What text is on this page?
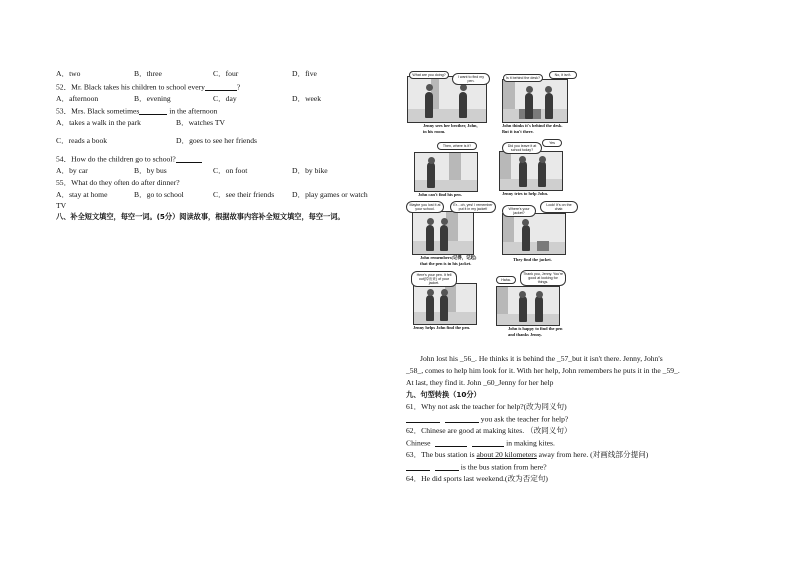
A．two	B．three	C．four	D．five
52．Mr. Black takes his children to school every	?
A．afternoon	B．evening	C．day	D．week
53．Mrs. Black sometimes	in the afternoon
A．takes a walk in the park	B．watches TV
C．reads a book	D．goes to see her friends
54．How do the children go to school?
A．by car	B．by bus	C．on foot	D．by bike
55．What do they often do after dinner?
A．stay at home	B．go to school	C．see their friends D．play games or watch
TV
八、补全短文填空，每空一词。(5分）阅读故事，根据故事内容补全短文填空，每空一词。
What are you doing?	I want to find my pen.
Jenny sees her brother, John,
in his room.
Is it behind the desk?
No, it isn't.
John thinks it's behind the desk.
But it isn't there.
Then, where is it?
John can't find his pen.
Did you leave it at school today?
Yes
Jenny tries to help John.
Maybe you lost it at your school.
Er…oh, yes! I remember put it in my jacket!
John remembers(记得，记起)
that the pen is in his jacket.
Where's your jacket?
Look! It's on the chair.
They find the jacket.
Here's your pen. It fell out(掉出来) of your jacket.
Jenny helps John find the pen.
Haha.
Thank you, Jenny. You're good at looking for things.
John is happy to find the pen
and thanks Jenny.
John lost his _56_. He thinks it is behind the _57_but it isn't there. Jenny, John's
_58_, comes to help him look for it. With her help, John remembers he puts it in the _59_.
At last, they find it. John _60_Jenny for her help
九、句型转换（10分）
61．Why not ask the teacher for help?(改为同义句)
you ask the teacher for help?
62．Chinese are good at making kites. （改同义句）
Chinese	in making kites.
63．The bus station is about 20 kilometers away from here. (对画线部分提问)
is the bus station from here?
64．He did sports last weekend.(改为否定句)
